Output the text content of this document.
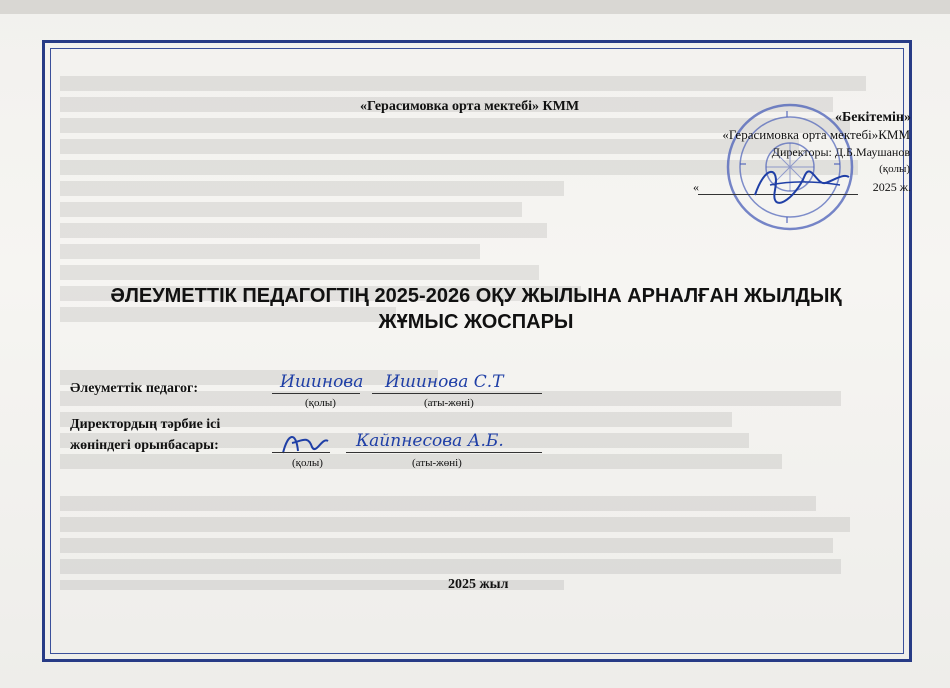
«Герасимовка орта мектебі» КММ
«Бекітемін»
«Герасимовка орта мектебі»КММ
Директоры: Д.Б.Маушанов
(қолы)
«	2025 ж.
ӘЛЕУМЕТТІК ПЕДАГОГТІҢ 2025-2026 ОҚУ ЖЫЛЫНА АРНАЛҒАН ЖЫЛДЫҚ
ЖҰМЫС ЖОСПАРЫ
Әлеуметтік педагог:	Ишинова Ишинова С.Т
(қолы)	(аты-жөні)
Директордың тәрбие ісі
жөніндегі орынбасары:	Кайпнесова А.Б.
(қолы)	(аты-жөні)
2025 жыл
